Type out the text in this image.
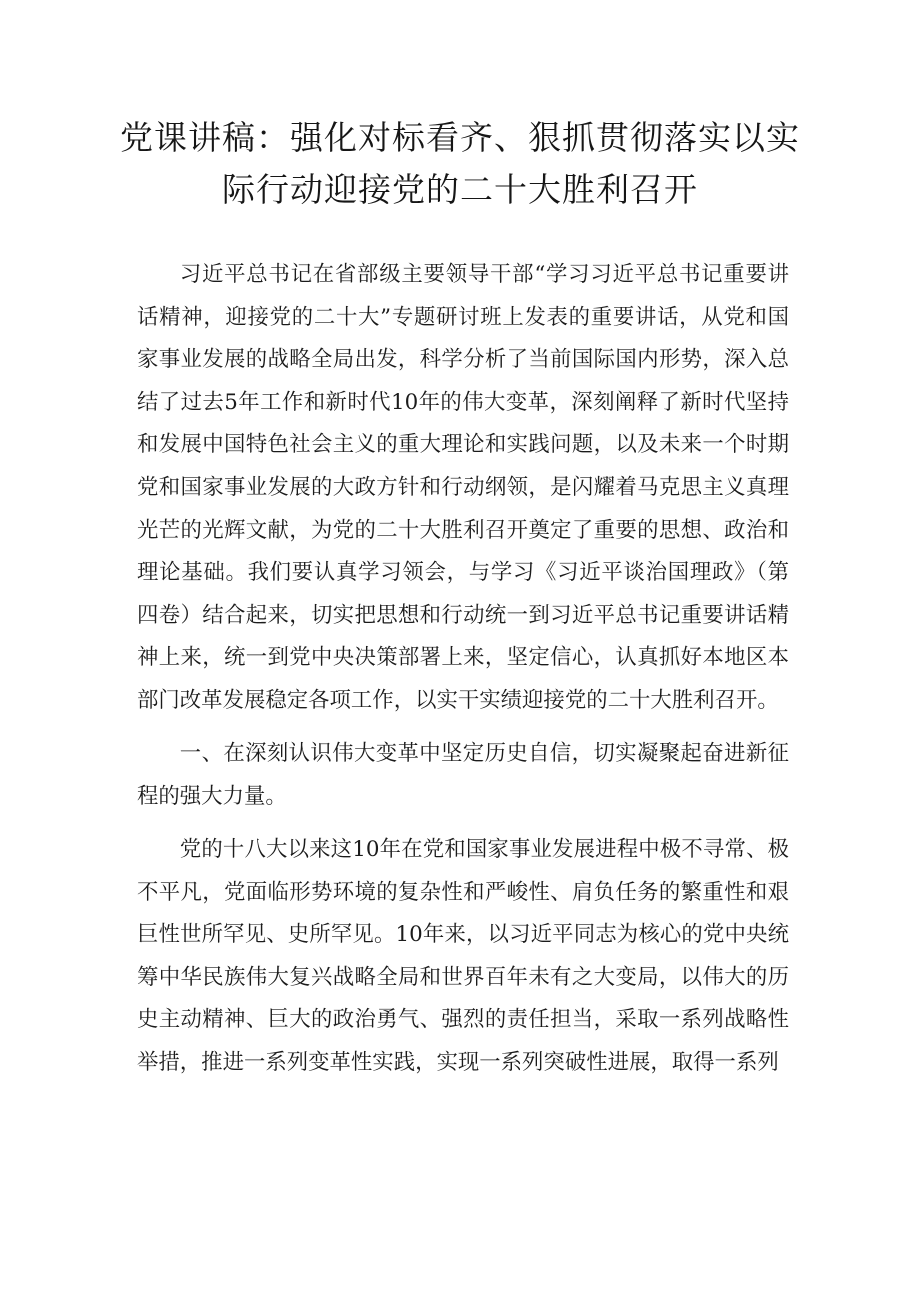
党课讲稿：强化对标看齐、狠抓贯彻落实以实
际行动迎接党的二十大胜利召开

习近平总书记在省部级主要领导干部“学习习近平总书记重要讲话精神，迎接党的二十大”专题研讨班上发表的重要讲话，从党和国家事业发展的战略全局出发，科学分析了当前国际国内形势，深入总结了过去5年工作和新时代10年的伟大变革，深刻阐释了新时代坚持和发展中国特色社会主义的重大理论和实践问题，以及未来一个时期党和国家事业发展的大政方针和行动纲领，是闪耀着马克思主义真理光芒的光辉文献，为党的二十大胜利召开奠定了重要的思想、政治和理论基础。我们要认真学习领会，与学习《习近平谈治国理政》（第四卷）结合起来，切实把思想和行动统一到习近平总书记重要讲话精神上来，统一到党中央决策部署上来，坚定信心，认真抓好本地区本部门改革发展稳定各项工作，以实干实绩迎接党的二十大胜利召开。

一、在深刻认识伟大变革中坚定历史自信，切实凝聚起奋进新征程的强大力量。

党的十八大以来这10年在党和国家事业发展进程中极不寻常、极不平凡，党面临形势环境的复杂性和严峻性、肩负任务的繁重性和艰巨性世所罕见、史所罕见。10年来，以习近平同志为核心的党中央统筹中华民族伟大复兴战略全局和世界百年未有之大变局，以伟大的历史主动精神、巨大的政治勇气、强烈的责任担当，采取一系列战略性举措，推进一系列变革性实践，实现一系列突破性进展，取得一系列
